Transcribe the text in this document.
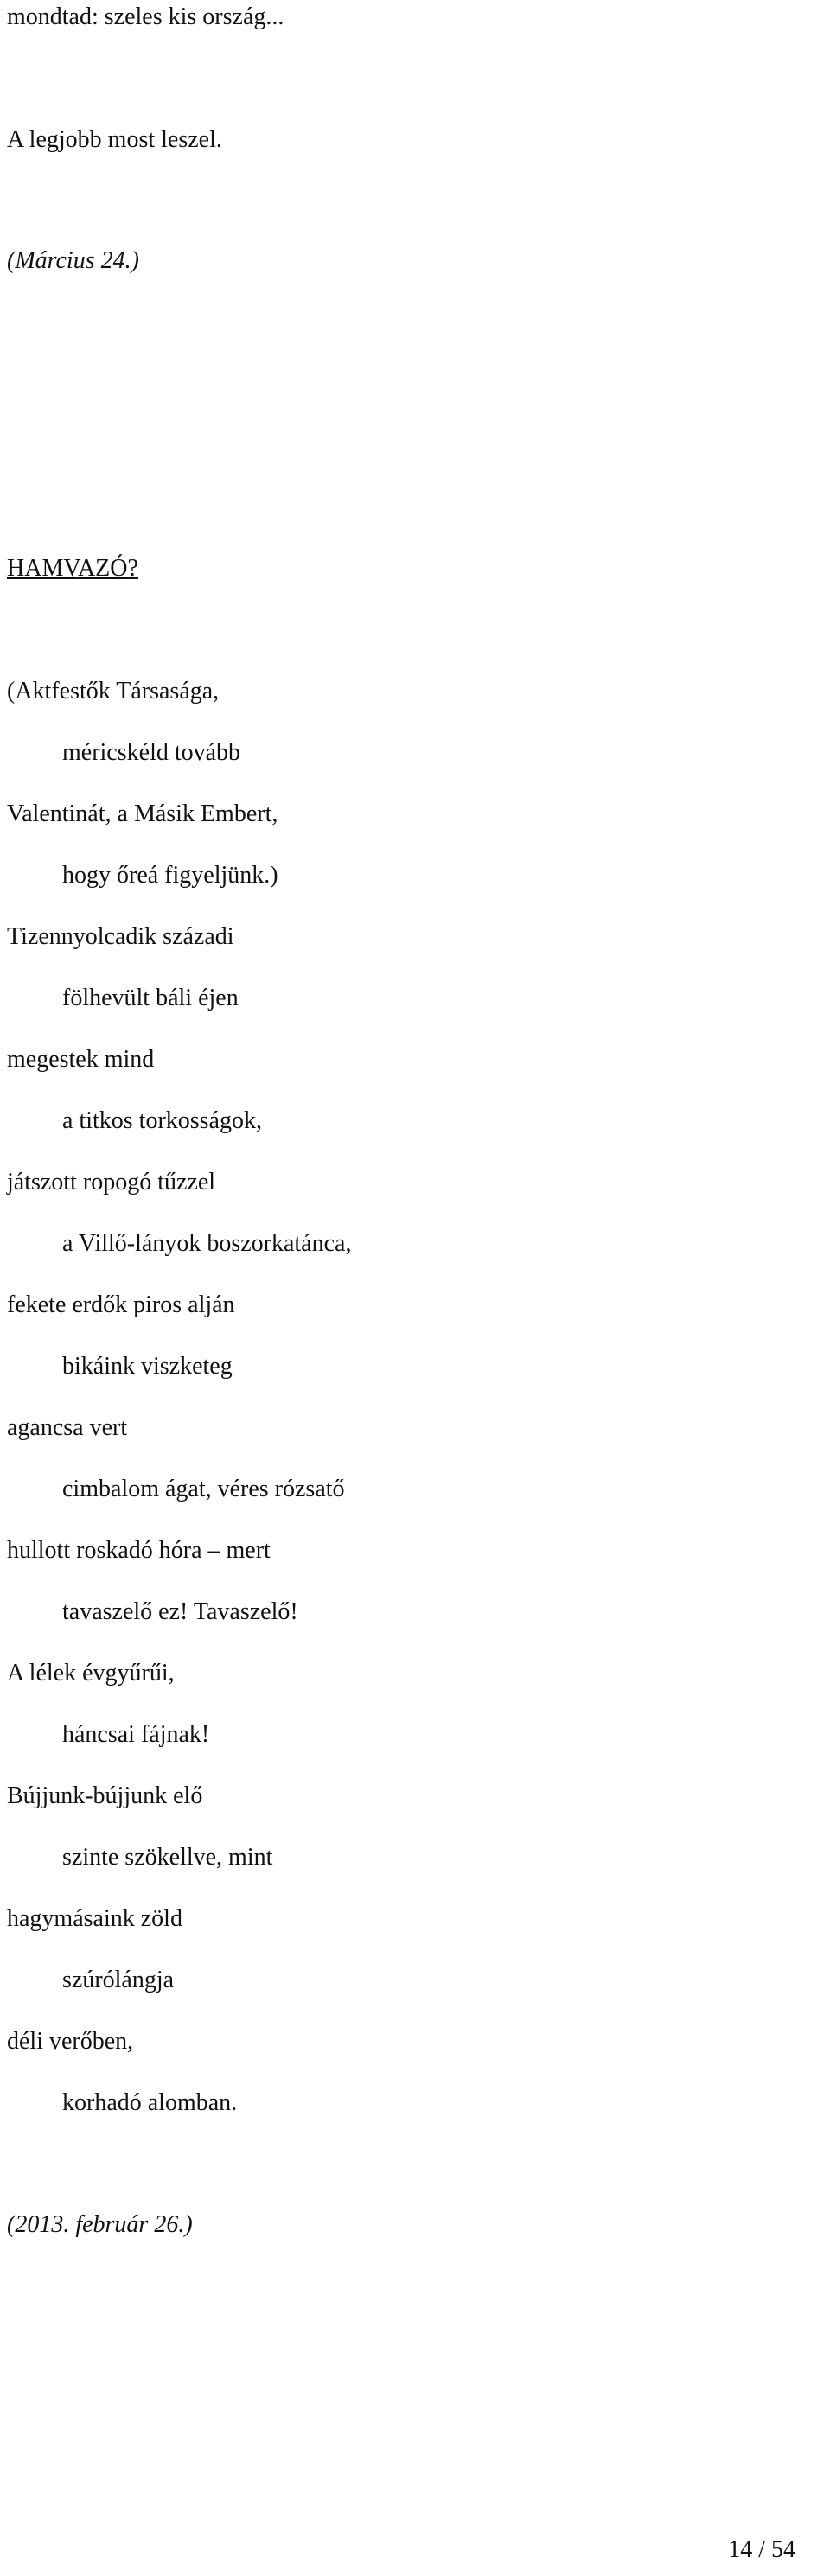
mondtad: szeles kis ország...
A legjobb most leszel.
(Március 24.)
HAMVAZÓ?
(Aktfestők Társasága,
méricskéld tovább
Valentinát, a Másik Embert,
hogy őreá figyeljünk.)
Tizennyolcadik századi
fölhevült báli éjen
megestek mind
a titkos torkosságok,
játszott ropogó tűzzel
a Villő-lányok boszorkatánca,
fekete erdők piros alján
bikáink viszketeg
agancsa vert
cimbalom ágat, véres rózsatő
hullott roskadó hóra – mert
tavaszelő ez! Tavaszelő!
A lélek évgyűrűi,
háncsai fájnak!
Bújjunk-bújjunk elő
szinte szökellve, mint
hagymásaink zöld
szúrólángja
déli verőben,
korhadó alomban.
(2013. február 26.)
14 / 54
